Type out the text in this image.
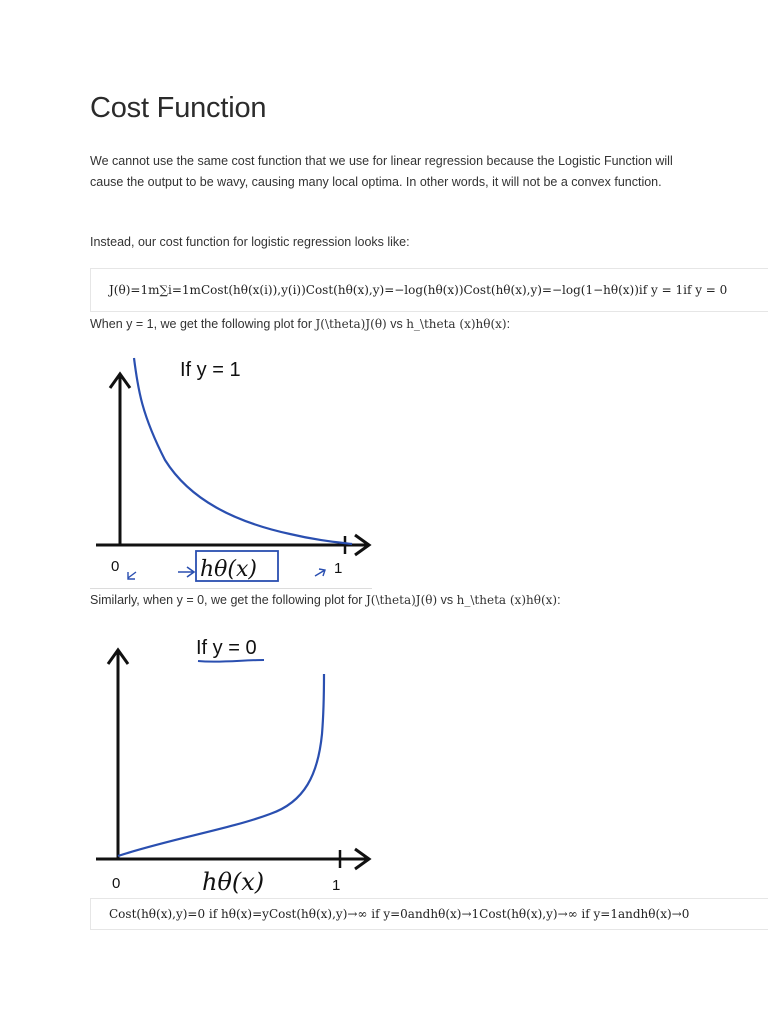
Cost Function

We cannot use the same cost function that we use for linear regression because the Logistic Function will cause the output to be wavy, causing many local optima. In other words, it will not be a convex function.

Instead, our cost function for logistic regression looks like:

J(θ)=1m∑i=1mCost(hθ(x(i)),y(i))Cost(hθ(x),y)=−log(hθ(x))Cost(hθ(x),y)=−log(1−hθ(x))if y = 1if y = 0
When y = 1, we get the following plot for J(\theta)J(θ) vs h_\theta (x)hθ(x):
If y = 1
0	1
hθ(x)
Similarly, when y = 0, we get the following plot for J(\theta)J(θ) vs h_\theta (x)hθ(x):
If y = 0
0	1
hθ(x)
Cost(hθ(x),y)=0 if hθ(x)=yCost(hθ(x),y)→∞ if y=0andhθ(x)→1Cost(hθ(x),y)→∞ if y=1andhθ(x)→0
